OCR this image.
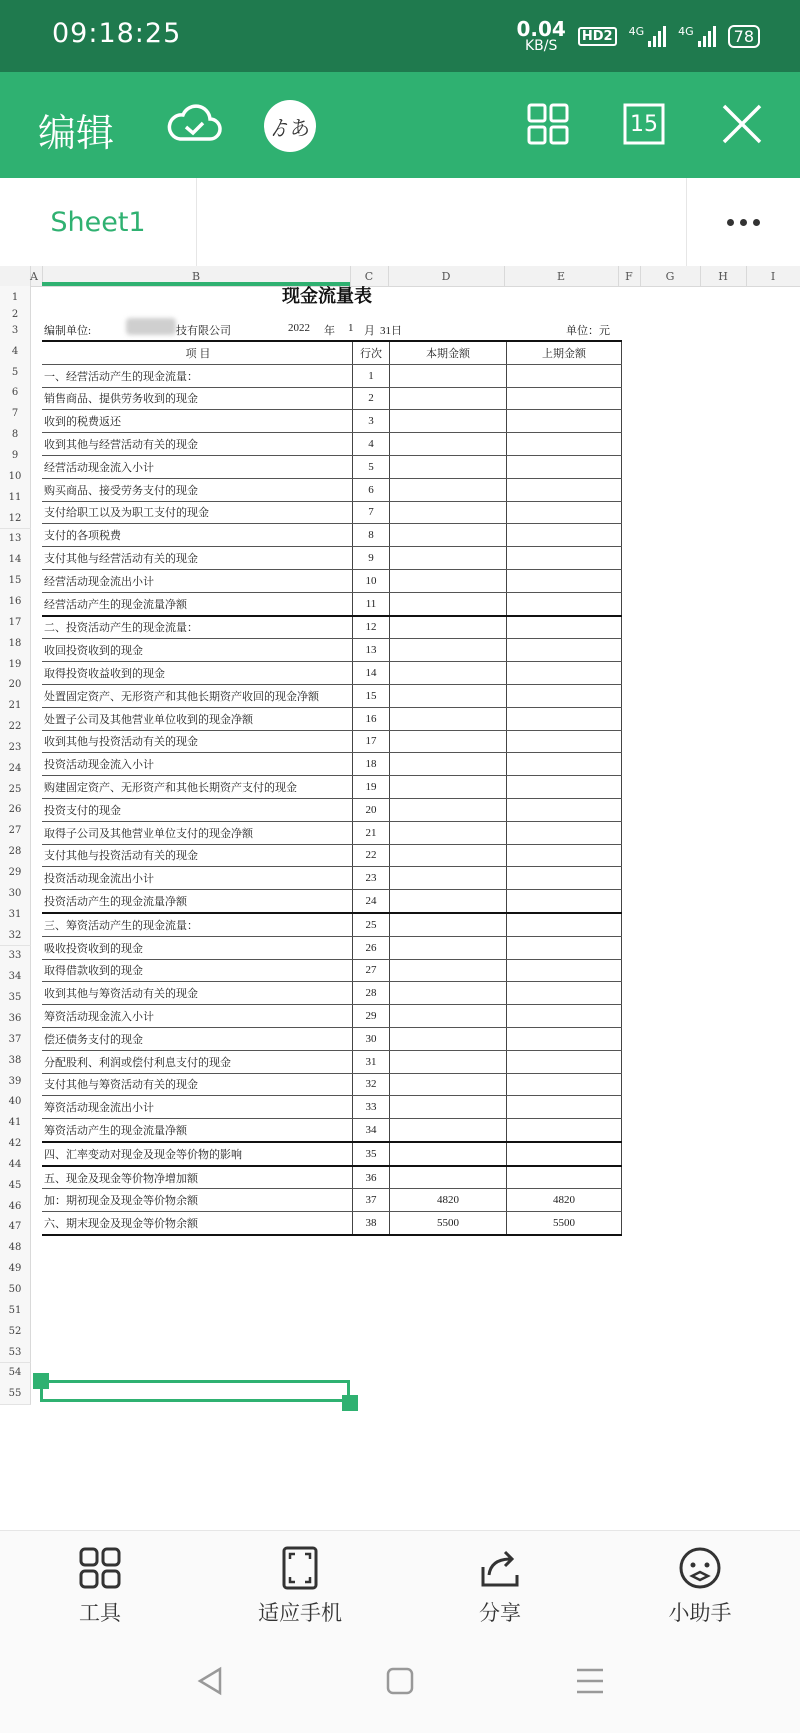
09:18:25	0.04
KB/S
HD2	4G	4G	78
编辑	ゟあ	15
Sheet1
A	B	C	D	E	F	G	H	I
1
2
3
4
5
6
7
8
9
10
11
12
13
14
15
16
17
18
19
20
21
22
23
24
25
26
27
28
29
30
31
32
33
34
35
36
37
38
39
40
41
42
44
45
46
47
48
49
50
51
52
53
54
55
现金流量表
编制单位:	技有限公司	2022 年 1 月 31日	单位：元
项 目	行次	本期金额	上期金额
一、经营活动产生的现金流量：	1		
销售商品、提供劳务收到的现金	2		
收到的税费返还	3		
收到其他与经营活动有关的现金	4		
经营活动现金流入小计	5		
购买商品、接受劳务支付的现金	6		
支付给职工以及为职工支付的现金	7		
支付的各项税费	8		
支付其他与经营活动有关的现金	9		
经营活动现金流出小计	10		
经营活动产生的现金流量净额	11		
二、投资活动产生的现金流量：	12		
收回投资收到的现金	13		
取得投资收益收到的现金	14		
处置固定资产、无形资产和其他长期资产收回的现金净额	15		
处置子公司及其他营业单位收到的现金净额	16		
收到其他与投资活动有关的现金	17		
投资活动现金流入小计	18		
购建固定资产、无形资产和其他长期资产支付的现金	19		
投资支付的现金	20		
取得子公司及其他营业单位支付的现金净额	21		
支付其他与投资活动有关的现金	22		
投资活动现金流出小计	23		
投资活动产生的现金流量净额	24		
三、筹资活动产生的现金流量：	25		
吸收投资收到的现金	26		
取得借款收到的现金	27		
收到其他与筹资活动有关的现金	28		
筹资活动现金流入小计	29		
偿还债务支付的现金	30		
分配股利、利润或偿付利息支付的现金	31		
支付其他与筹资活动有关的现金	32		
筹资活动现金流出小计	33		
筹资活动产生的现金流量净额	34		
四、汇率变动对现金及现金等价物的影响	35		
五、现金及现金等价物净增加额	36		
加：期初现金及现金等价物余额	37	4820	4820
六、期末现金及现金等价物余额	38	5500	5500
工具	适应手机	分享	小助手
